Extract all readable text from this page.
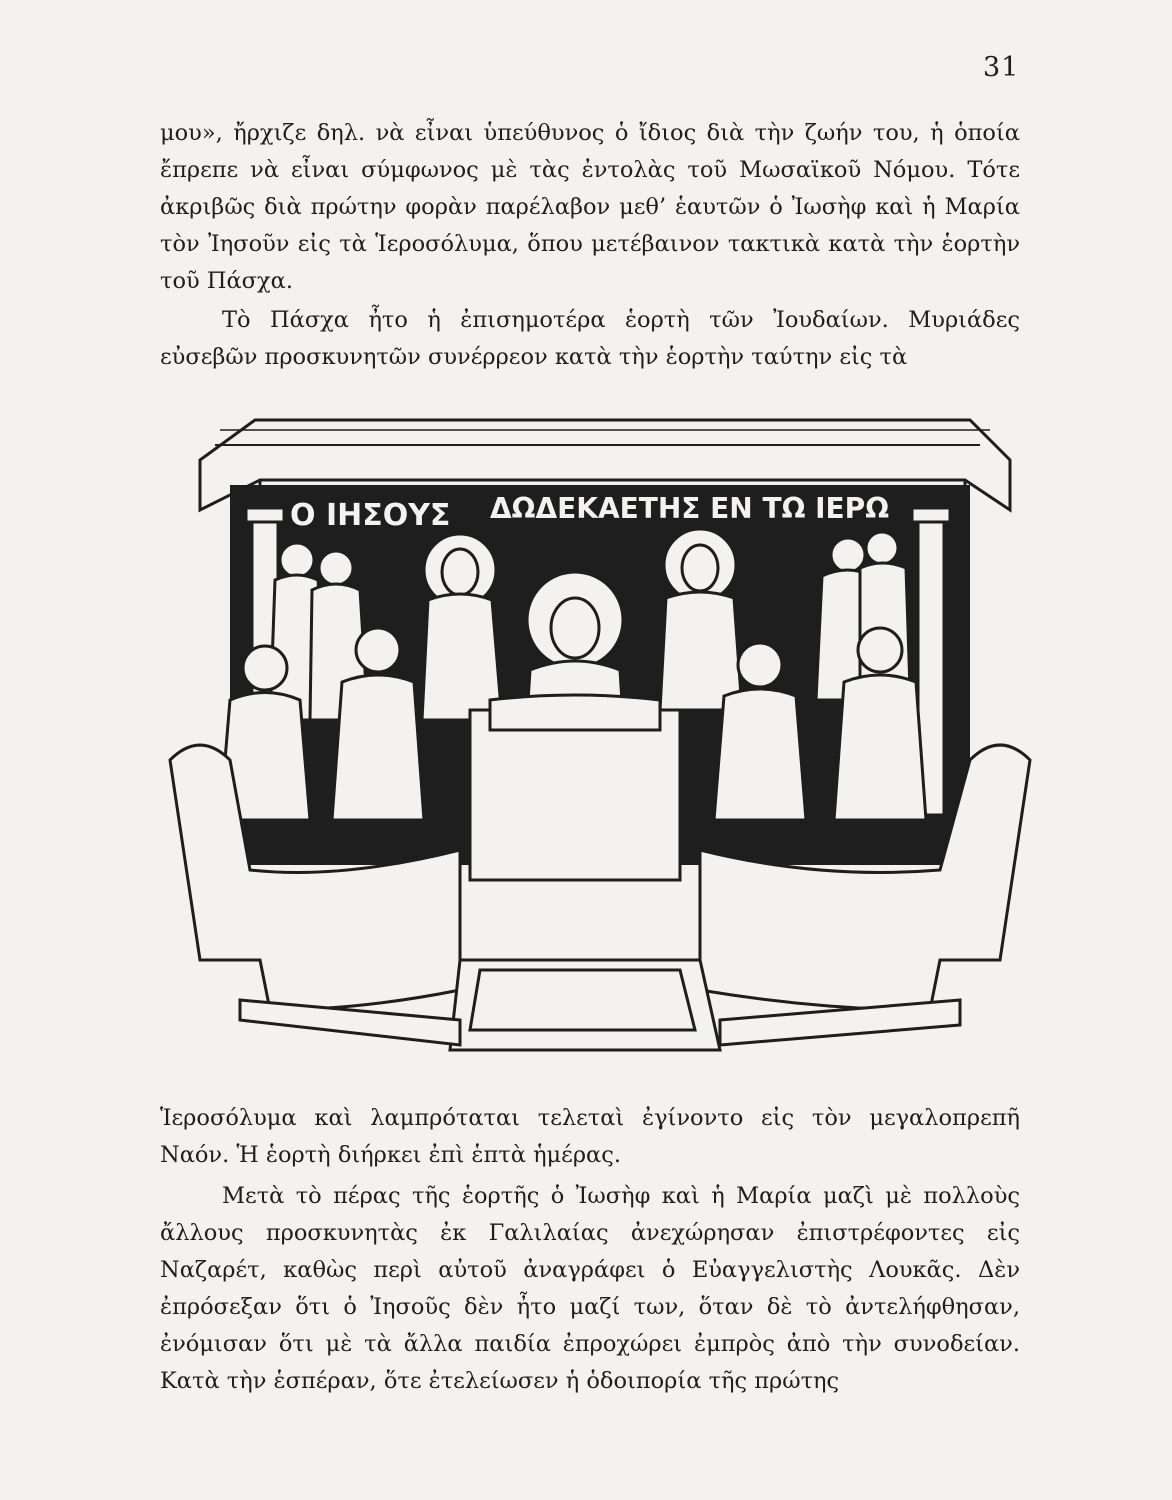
31

μου», ἤρχιζε δηλ. νὰ εἶναι ὑπεύθυνος ὁ ἴδιος διὰ τὴν ζωήν του, ἡ ὁποία ἔπρεπε νὰ εἶναι σύμφωνος μὲ τὰς ἐντολὰς τοῦ Μωσαϊκοῦ Νόμου. Τότε ἀκριβῶς διὰ πρώτην φορὰν παρέλαβον μεθ’ ἑαυτῶν ὁ Ἰωσὴφ καὶ ἡ Μαρία τὸν Ἰησοῦν εἰς τὰ Ἱεροσόλυμα, ὅπου μετέβαινον τακτικὰ κατὰ τὴν ἑορτὴν τοῦ Πάσχα.

Τὸ Πάσχα ἦτο ἡ ἐπισημοτέρα ἑορτὴ τῶν Ἰουδαίων. Μυριάδες εὐσεβῶν προσκυνητῶν συνέρρεον κατὰ τὴν ἑορτὴν ταύτην εἰς τὰ

Ο ΙΗΣΟΥΣ ΔΩΔΕΚΑΕΤΗΣ ΕΝ ΤΩ ΙΕΡΩ

Ἱεροσόλυμα καὶ λαμπρόταται τελεταὶ ἐγίνοντο εἰς τὸν μεγαλοπρεπῆ Ναόν. Ἡ ἑορτὴ διήρκει ἐπὶ ἑπτὰ ἡμέρας.

Μετὰ τὸ πέρας τῆς ἑορτῆς ὁ Ἰωσὴφ καὶ ἡ Μαρία μαζὶ μὲ πολλοὺς ἄλλους προσκυνητὰς ἐκ Γαλιλαίας ἀνεχώρησαν ἐπιστρέφοντες εἰς Ναζαρέτ, καθὼς περὶ αὐτοῦ ἀναγράφει ὁ Εὐαγγελιστὴς Λουκᾶς. Δὲν ἐπρόσεξαν ὅτι ὁ Ἰησοῦς δὲν ἦτο μαζί των, ὅταν δὲ τὸ ἀντελήφθησαν, ἐνόμισαν ὅτι μὲ τὰ ἄλλα παιδία ἐπροχώρει ἐμπρὸς ἀπὸ τὴν συνοδείαν. Κατὰ τὴν ἑσπέραν, ὅτε ἐτελείωσεν ἡ ὁδοιπορία τῆς πρώτης
